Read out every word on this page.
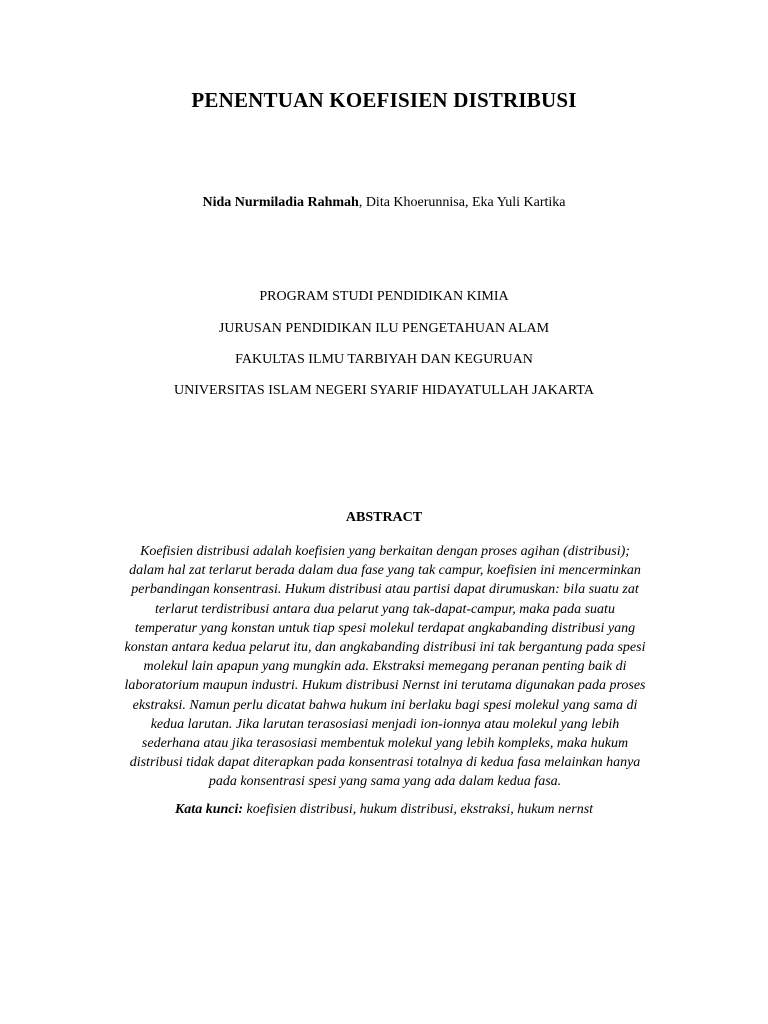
PENENTUAN KOEFISIEN DISTRIBUSI
Nida Nurmiladia Rahmah, Dita Khoerunnisa, Eka Yuli Kartika
PROGRAM STUDI PENDIDIKAN KIMIA
JURUSAN PENDIDIKAN ILU PENGETAHUAN ALAM
FAKULTAS ILMU TARBIYAH DAN KEGURUAN
UNIVERSITAS ISLAM NEGERI SYARIF HIDAYATULLAH JAKARTA
ABSTRACT
Koefisien distribusi adalah koefisien yang berkaitan dengan proses agihan (distribusi);
dalam hal zat terlarut berada dalam dua fase yang tak campur, koefisien ini mencerminkan
perbandingan konsentrasi. Hukum distribusi atau partisi dapat dirumuskan: bila suatu zat
terlarut terdistribusi antara dua pelarut yang tak-dapat-campur, maka pada suatu
temperatur yang konstan untuk tiap spesi molekul terdapat angkabanding distribusi yang
konstan antara kedua pelarut itu, dan angkabanding distribusi ini tak bergantung pada spesi
molekul lain apapun yang mungkin ada. Ekstraksi memegang peranan penting baik di
laboratorium maupun industri. Hukum distribusi Nernst ini terutama digunakan pada proses
ekstraksi. Namun perlu dicatat bahwa hukum ini berlaku bagi spesi molekul yang sama di
kedua larutan. Jika larutan terasosiasi menjadi ion-ionnya atau molekul yang lebih
sederhana atau jika terasosiasi membentuk molekul yang lebih kompleks, maka hukum
distribusi tidak dapat diterapkan pada konsentrasi totalnya di kedua fasa melainkan hanya
pada konsentrasi spesi yang sama yang ada dalam kedua fasa.
Kata kunci: koefisien distribusi, hukum distribusi, ekstraksi, hukum nernst
